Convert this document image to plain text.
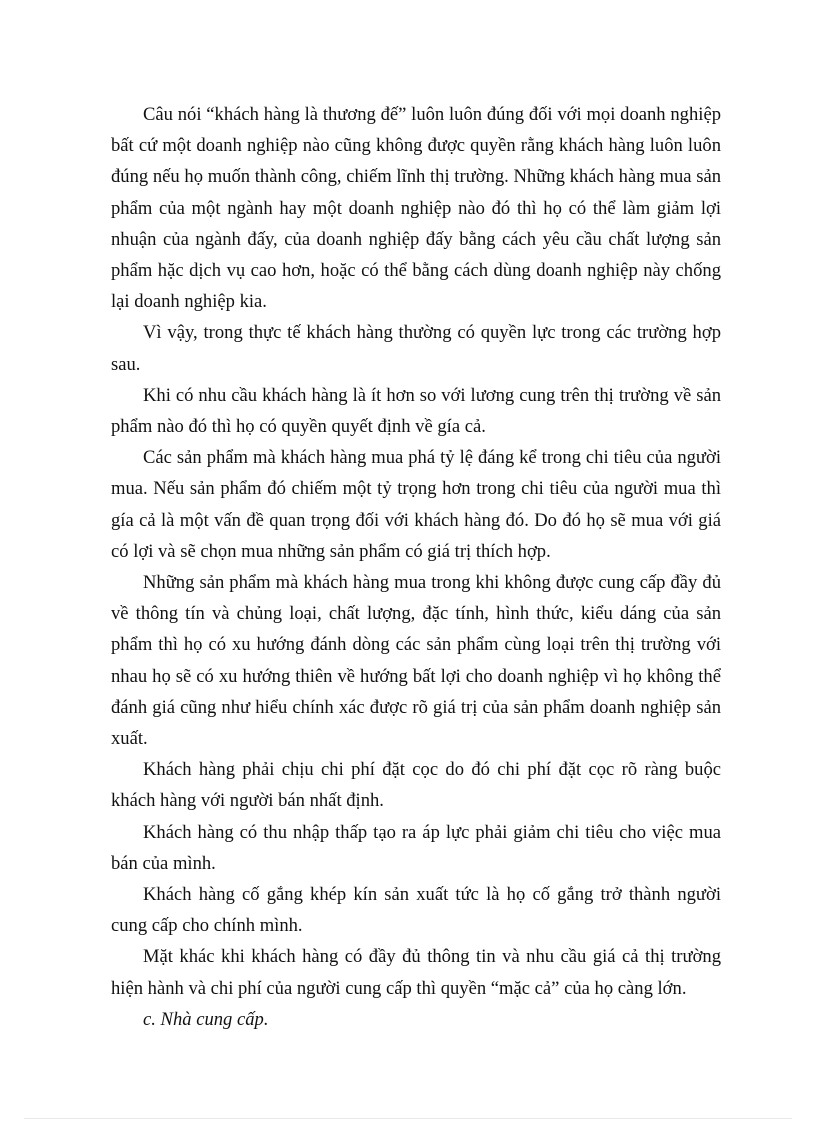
Câu nói “khách hàng là thương đế” luôn luôn đúng đối với mọi doanh nghiệp bất cứ một doanh nghiệp nào cũng không được quyền rằng khách hàng luôn luôn đúng nếu họ muốn thành công, chiếm lĩnh thị trường. Những khách hàng mua sản phẩm của một ngành hay một doanh nghiệp nào đó thì họ có thể làm giảm lợi nhuận của ngành đấy, của doanh nghiệp đấy bằng cách yêu cầu chất lượng sản phẩm hặc dịch vụ cao hơn, hoặc có thể bằng cách dùng doanh nghiệp này chống lại doanh nghiệp kia.

Vì vậy, trong thực tế khách hàng thường có quyền lực trong các trường hợp sau.

Khi có nhu cầu khách hàng là ít hơn so với lương cung trên thị trường về sản phẩm nào đó thì họ có quyền quyết định về gía cả.

Các sản phẩm mà khách hàng mua phá tỷ lệ đáng kể trong chi tiêu của người mua. Nếu sản phẩm đó chiếm một tỷ trọng hơn trong chi tiêu của người mua thì gía cả là một vấn đề quan trọng đối với khách hàng đó. Do đó họ sẽ mua với giá có lợi và sẽ chọn mua những sản phẩm có giá trị thích hợp.

Những sản phẩm mà khách hàng mua trong khi không được cung cấp đầy đủ về thông tín và chủng loại, chất lượng, đặc tính, hình thức, kiểu dáng của sản phẩm thì họ có xu hướng đánh dòng các sản phẩm cùng loại trên thị trường với nhau họ sẽ có xu hướng thiên về hướng bất lợi cho doanh nghiệp vì họ không thể đánh giá cũng như hiểu chính xác được rõ giá trị của sản phẩm doanh nghiệp sản xuất.

Khách hàng phải chịu chi phí đặt cọc do đó chi phí đặt cọc rõ ràng buộc khách hàng với người bán nhất định.

Khách hàng có thu nhập thấp tạo ra áp lực phải giảm chi tiêu cho việc mua bán của mình.

Khách hàng cố gắng khép kín sản xuất tức là họ cố gắng trở thành người cung cấp cho chính mình.

Mặt khác khi khách hàng có đầy đủ thông tin và nhu cầu giá cả thị trường hiện hành và chi phí của người cung cấp thì quyền “mặc cả” của họ càng lớn.

c. Nhà cung cấp.
